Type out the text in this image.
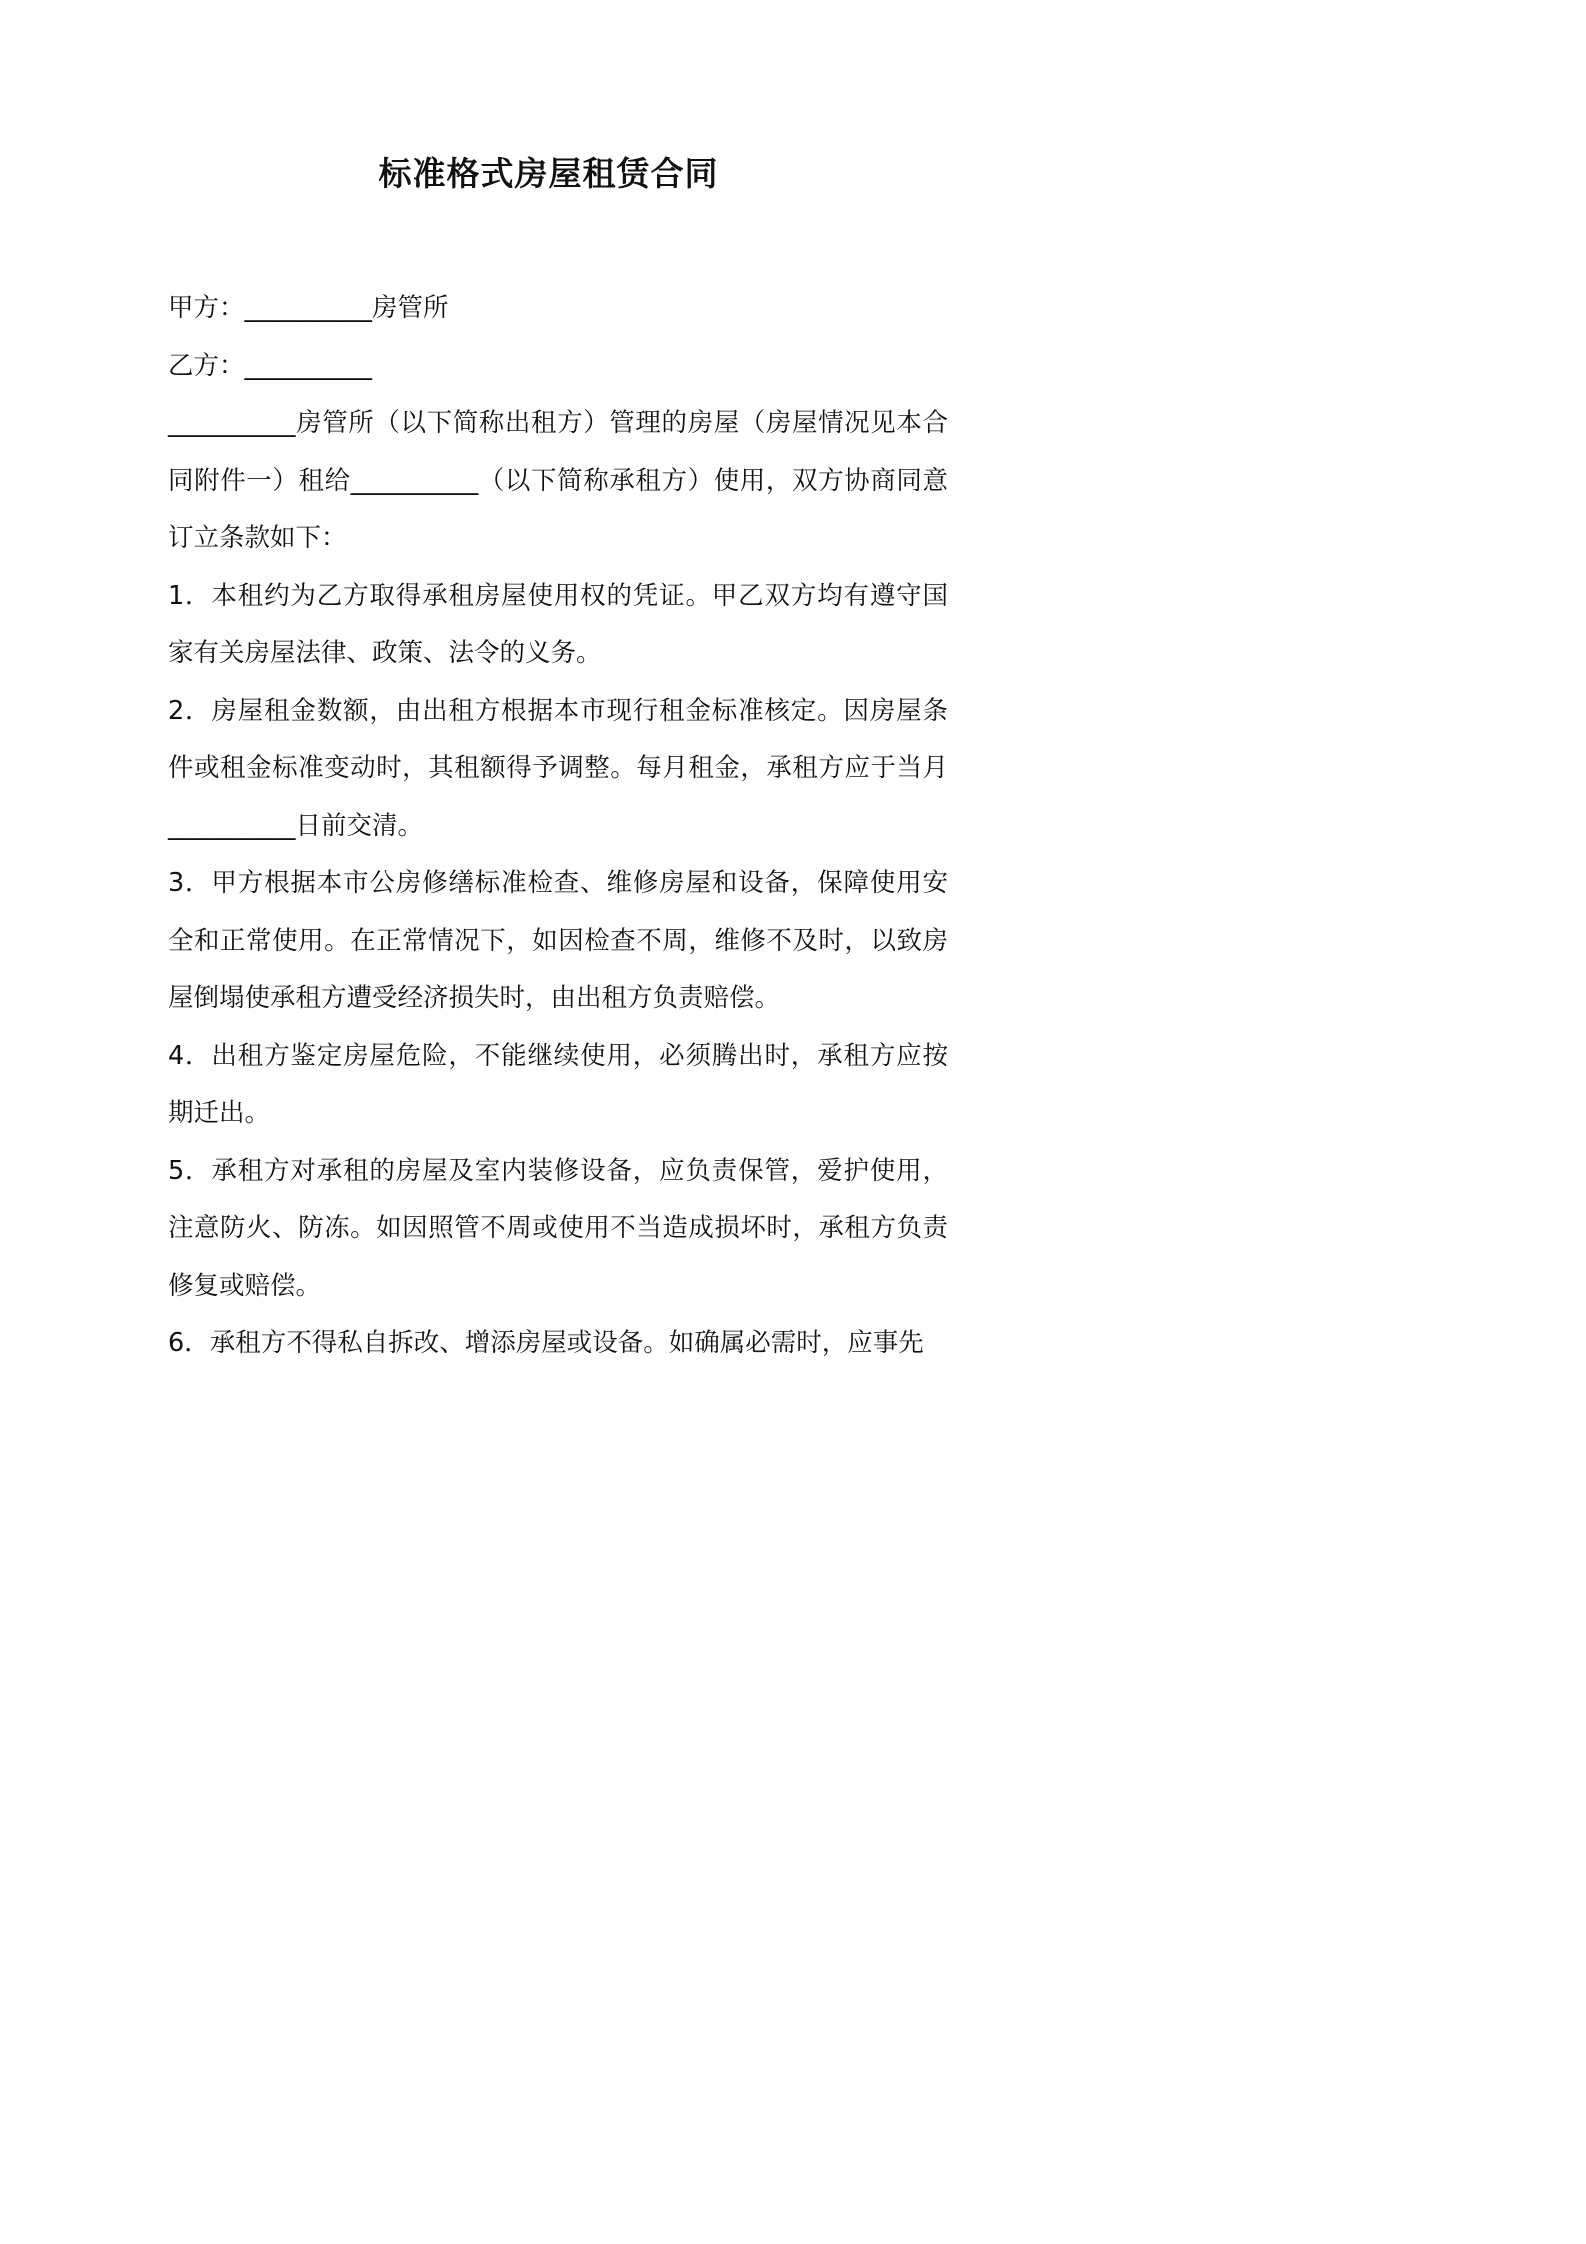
标准格式房屋租赁合同

甲方：__________房管所

乙方：__________

__________房管所（以下简称出租方）管理的房屋（房屋情况见本合同附件一）租给__________（以下简称承租方）使用，双方协商同意订立条款如下：

1．本租约为乙方取得承租房屋使用权的凭证。甲乙双方均有遵守国家有关房屋法律、政策、法令的义务。

2．房屋租金数额，由出租方根据本市现行租金标准核定。因房屋条件或租金标准变动时，其租额得予调整。每月租金，承租方应于当月__________日前交清。

3．甲方根据本市公房修缮标准检查、维修房屋和设备，保障使用安全和正常使用。在正常情况下，如因检查不周，维修不及时，以致房屋倒塌使承租方遭受经济损失时，由出租方负责赔偿。

4．出租方鉴定房屋危险，不能继续使用，必须腾出时，承租方应按期迁出。

5．承租方对承租的房屋及室内装修设备，应负责保管，爱护使用，注意防火、防冻。如因照管不周或使用不当造成损坏时，承租方负责修复或赔偿。

6．承租方不得私自拆改、增添房屋或设备。如确属必需时，应事先
